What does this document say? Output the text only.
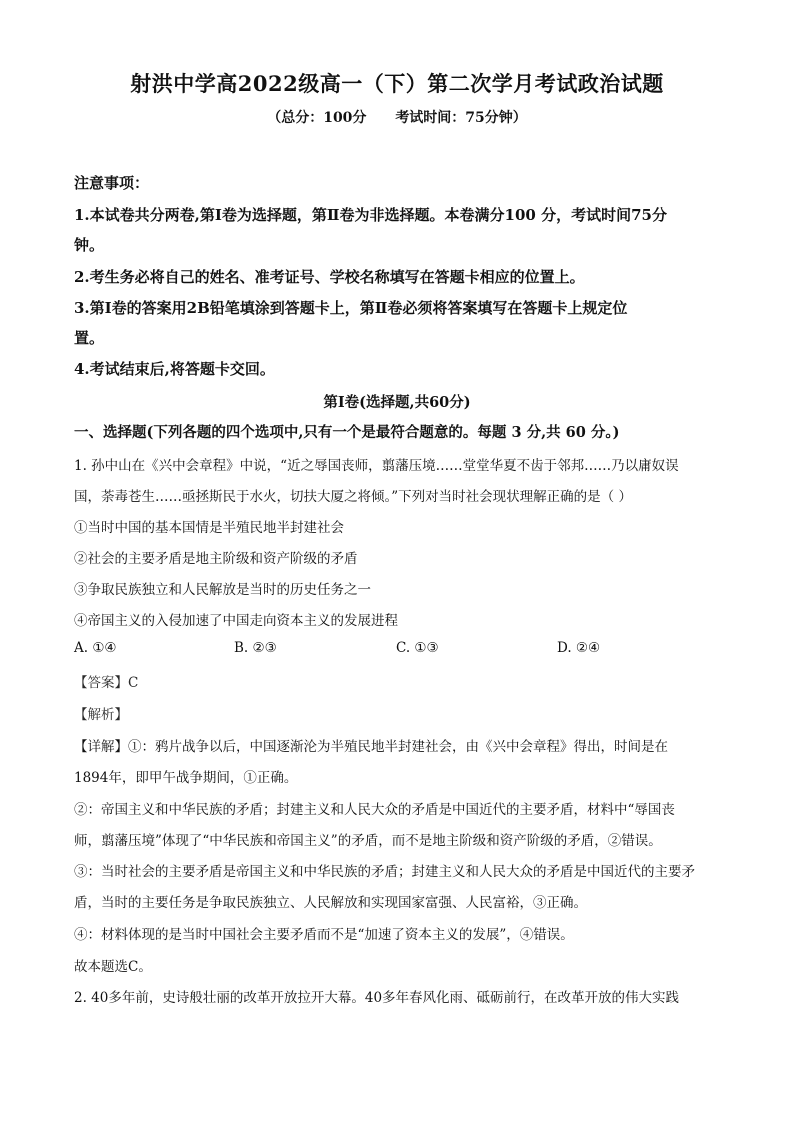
射洪中学高2022级高一（下）第二次学月考试政治试题
（总分：100分 考试时间：75分钟）
注意事项：
1.本试卷共分两卷,第Ⅰ卷为选择题，第Ⅱ卷为非选择题。本卷满分100 分，考试时间75分
钟。
2.考生务必将自己的姓名、准考证号、学校名称填写在答题卡相应的位置上。
3.第Ⅰ卷的答案用2B铅笔填涂到答题卡上，第Ⅱ卷必须将答案填写在答题卡上规定位
置。
4.考试结束后,将答题卡交回。
第Ⅰ卷(选择题,共60分)
一、选择题(下列各题的四个选项中,只有一个是最符合题意的。每题 3 分,共 60 分。)
1. 孙中山在《兴中会章程》中说，“近之辱国丧师，翦藩压境……堂堂华夏不齿于邻邦……乃以庸奴误
国，荼毒苍生……亟拯斯民于水火，切扶大厦之将倾。”下列对当时社会现状理解正确的是（ ）
①当时中国的基本国情是半殖民地半封建社会
②社会的主要矛盾是地主阶级和资产阶级的矛盾
③争取民族独立和人民解放是当时的历史任务之一
④帝国主义的入侵加速了中国走向资本主义的发展进程
A. ①④	B. ②③	C. ①③	D. ②④
【答案】C
【解析】
【详解】①：鸦片战争以后，中国逐渐沦为半殖民地半封建社会，由《兴中会章程》得出，时间是在
1894年，即甲午战争期间，①正确。
②：帝国主义和中华民族的矛盾；封建主义和人民大众的矛盾是中国近代的主要矛盾，材料中“辱国丧
师，翦藩压境”体现了“中华民族和帝国主义”的矛盾，而不是地主阶级和资产阶级的矛盾，②错误。
③：当时社会的主要矛盾是帝国主义和中华民族的矛盾；封建主义和人民大众的矛盾是中国近代的主要矛
盾，当时的主要任务是争取民族独立、人民解放和实现国家富强、人民富裕，③正确。
④：材料体现的是当时中国社会主要矛盾而不是“加速了资本主义的发展”，④错误。
故本题选C。
2. 40多年前，史诗般壮丽的改革开放拉开大幕。40多年春风化雨、砥砺前行，在改革开放的伟大实践
